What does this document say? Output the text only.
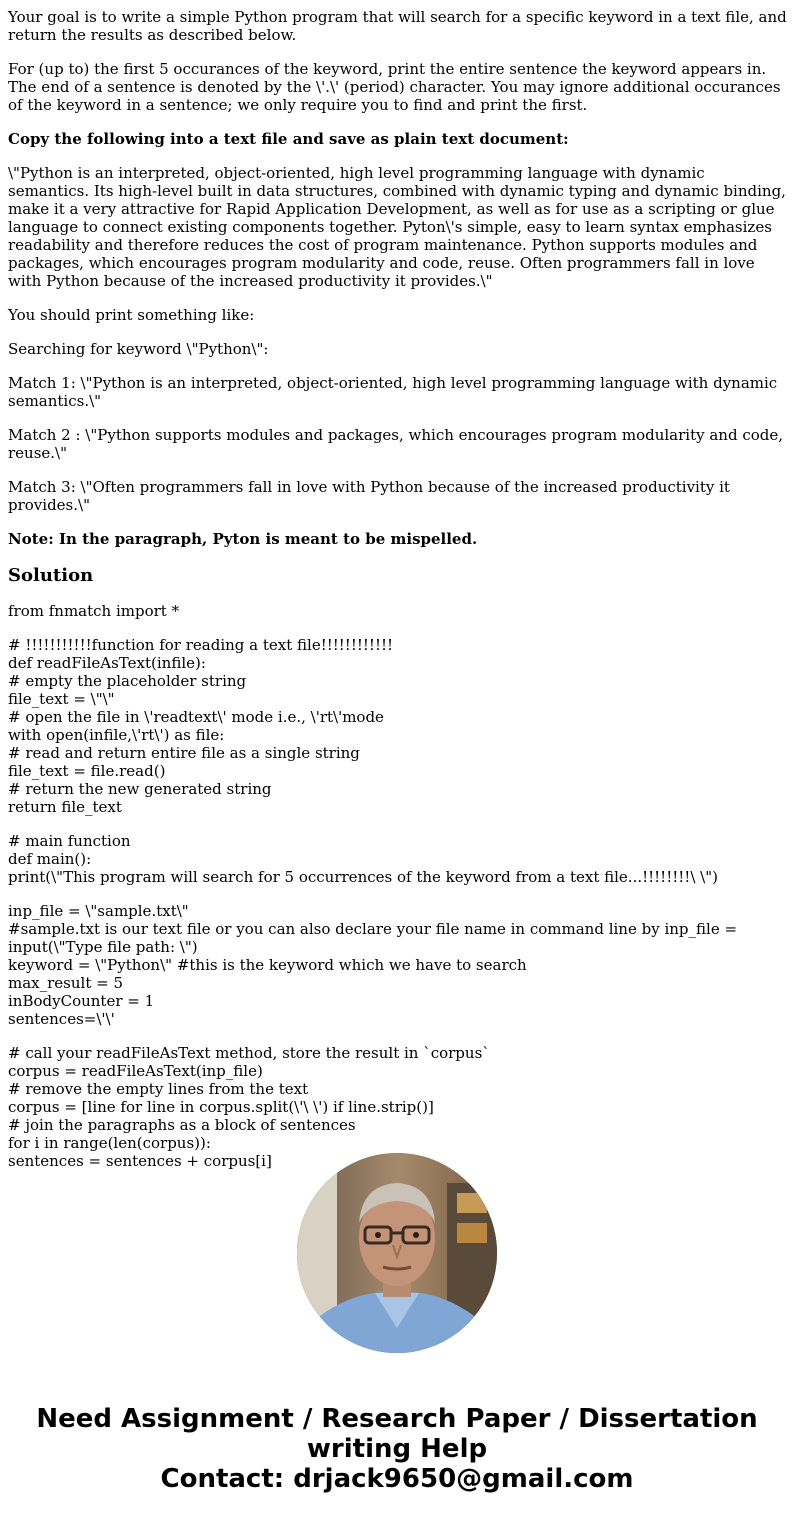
Your goal is to write a simple Python program that will search for a specific keyword in a text file, and return the results as described below.

For (up to) the first 5 occurances of the keyword, print the entire sentence the keyword appears in. The end of a sentence is denoted by the \'.\' (period) character. You may ignore additional occurances of the keyword in a sentence; we only require you to find and print the first.

Copy the following into a text file and save as plain text document:

\"Python is an interpreted, object-oriented, high level programming language with dynamic semantics. Its high-level built in data structures, combined with dynamic typing and dynamic binding, make it a very attractive for Rapid Application Development, as well as for use as a scripting or glue language to connect existing components together. Pyton\'s simple, easy to learn syntax emphasizes readability and therefore reduces the cost of program maintenance. Python supports modules and packages, which encourages program modularity and code, reuse. Often programmers fall in love with Python because of the increased productivity it provides.\"

You should print something like:

Searching for keyword \"Python\":

Match 1: \"Python is an interpreted, object-oriented, high level programming language with dynamic semantics.\"

Match 2 : \"Python supports modules and packages, which encourages program modularity and code, reuse.\"

Match 3: \"Often programmers fall in love with Python because of the increased productivity it provides.\"

Note: In the paragraph, Pyton is meant to be mispelled.

Solution

from fnmatch import *

# !!!!!!!!!!!function for reading a text file!!!!!!!!!!!!
def readFileAsText(infile):
# empty the placeholder string
file_text = \"\"
# open the file in \'readtext\' mode i.e., \'rt\'mode
with open(infile,\'rt\') as file:
# read and return entire file as a single string
file_text = file.read()
# return the new generated string
return file_text

# main function
def main():
print(\"This program will search for 5 occurrences of the keyword from a text file...!!!!!!!!\ \")

inp_file = \"sample.txt\"
#sample.txt is our text file or you can also declare your file name in command line by inp_file = input(\"Type file path: \")
keyword = \"Python\" #this is the keyword which we have to search
max_result = 5
inBodyCounter = 1
sentences=\'\'

# call your readFileAsText method, store the result in `corpus`
corpus = readFileAsText(inp_file)
# remove the empty lines from the text
corpus = [line for line in corpus.split(\'\ \') if line.strip()]
# join the paragraphs as a block of sentences
for i in range(len(corpus)):
sentences = sentences + corpus[i]

Need Assignment / Research Paper / Dissertation
writing Help
Contact: drjack9650@gmail.com
